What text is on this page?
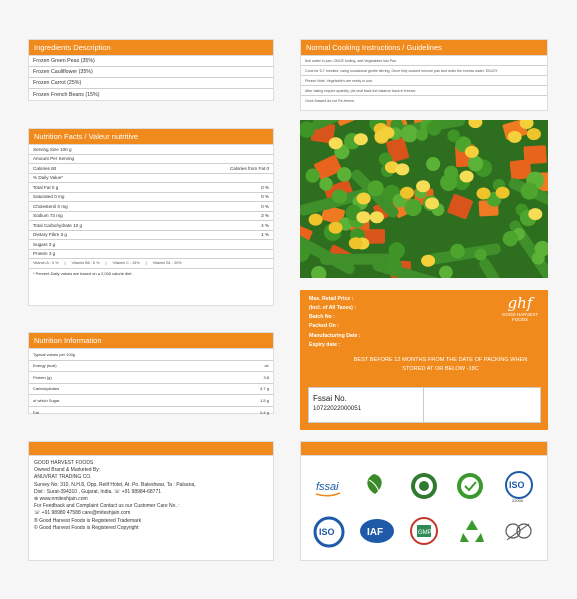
Ingredients Description
Frozen Green Peas (35%)
Frozen Cauliflower (35%)
Frozen Carrot (25%)
Frozen French Beans (15%)
Normal Cooking Instructions / Guidelines
Boil water in pan, ONCE boiling, add Vegetables into Pan.
Cook for 5-7 minutes, using occasional gentle stirring. Once fully cooked remove pan and drain the excess water. ENJOY
Please Note: Vegetable's are ready to use.
After taking require quantity, pls seal back the balance back in freezer.
Once thawed do not Re-freeze.
Nutrition Facts / Valeur nutritive
Serving Size 100 g
Amount Per Serving
Calories 60	Calories from Fat 0
% Daily Value*
Total Fat 0 g	0 %
Saturated 0 mg	0 %
Cholesterol 0 mg	0 %
Sodium 73 mg	3 %
Total Carbohydrate 10 g	4 %
Dietary Fibre 3 g	1 %
Sugars 3 g
Protein 3 g
Vitamin A : 0 % | Vitamin B6 : 5 % | Vitamin C : 15% | Vitamin B1 : 20%
* Percent Daily values are based on a 2,000 calorie diet.
Max. Retail Price :
(Incl. of All Taxes) :
Batch No :
Packed On :
Manufacturing Date :
Expiry date :
ghf
GOOD HARVEST FOODS
BEST BEFORE 12 MONTHS FROM THE DATE OF PACKING WHEN STORED AT OR BELOW -18C
Fssai No.
10722022000051
Nutrition Information
Typical values per 100g
Energy (kcal)	a1
Protein (g)	3.8
Carbohydrates	4.7 g
of which Sugar	1.5 g
Fat	0.4 g
GOOD HARVEST FOODS
Owned Brand & Marketed By:
ANUVRAT TRADING CO.
Survey No: 310, N.H.8, Opp. Relif Hotel, At. Po. Baleshwar, Ta : Palsana,
Dist : Surat-394310 , Gujarat, India. ☏ +91 98984-68771
⊕ www.nmiteshjain.com
For Feedback and Complaint Contact us our Customer Care No. :
☏ +91 98980 47588 care@miteshjain.com
® Good Harvest Foods is Registered Trademark
© Good Harvest Foods is Registered Copyright
fssai	ISO
22000
ISO	IAF	GMP
